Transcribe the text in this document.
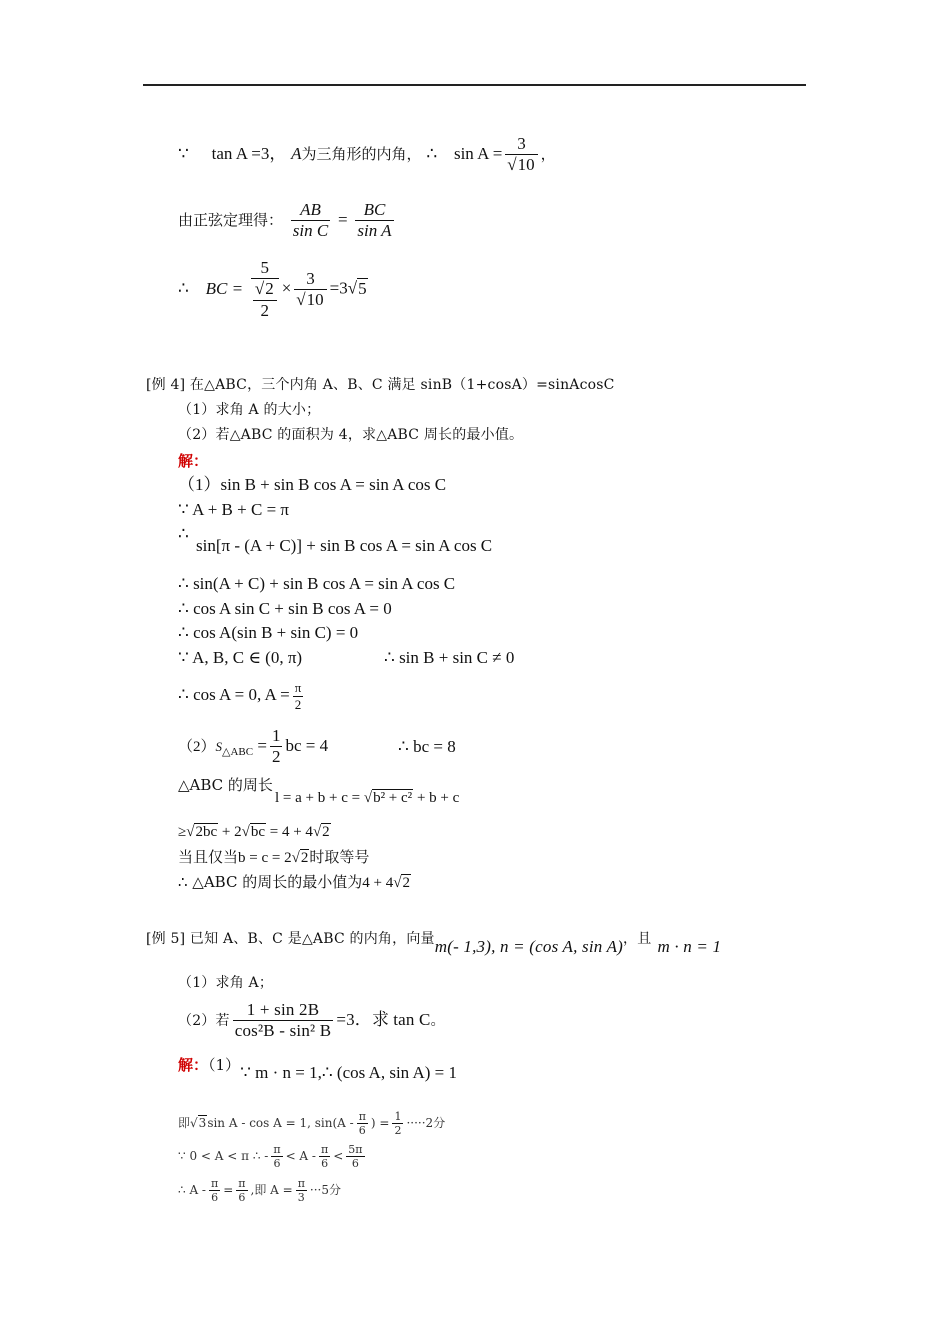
∵ tan A =3， A为三角形的内角， ∴ $\sin A = \frac{3}{√10}$ ，
由正弦定理得： $\frac{AB}{\text{sin C}} = \frac{BC}{\text{sin A}}$
∴ BC = $\frac{5}{\frac{√2}{2}} \times \frac{3}{√10} =3√5$
[例 4] 在△ABC，三个内角 A、B、C 满足 sinB（1+cosA）=sinAcosC
（1）求角 A 的大小；
（2）若△ABC 的面积为 4，求△ABC 周长的最小值。
解：
（1）sin B + sin B cos A = sin A cos C
∵ A + B + C = π
∴
sin[π - (A + C)] + sin B cos A = sin A cos C
∴ sin(A + C) + sin B cos A = sin A cos C
∴ cos A sin C + sin B cos A = 0
∴ cos A(sin B + sin C) = 0
∵ A, B, C ∈ (0, π)	∴ sin B + sin C ≠ 0
∴ cos A = 0, $A = \frac{\pi}{2}$
$(2)S_{\triangle ABC} = \frac{1}{2}$ bc = 4	∴ bc = 8
△ABC 的周长
l = a + b + c = √b² + c² + b + c
≥√2bc + 2√bc = 4 + 4√2
当且仅当b = c = 2√2时取等号
∴ △ABC 的周长的最小值为4 + 4√2
[例 5] 已知 A、B、C 是△ABC 的内角，向量m(- 1,3), n = (cos A, sin A)，且 m · n = 1
（1）求角 A；
（2）若 $\frac{1 + \sin 2B}{\text{cos²B - sin² B}} =3$．求 tan C。
解：（1）∵ m · n = 1,∴ (cos A, sin A) = 1
即√3sin A - cos A = 1, $\sin(A - \frac{\pi}{6}$ ) = $\frac{1}{2} \cdot\cdot\cdot\cdot\cdot 2$分
∵ 0 < A < π ∴ - $\frac{\pi}{6} < A - \frac{\pi}{6} < \frac{5\pi}{6}$
∴ $A - \frac{\pi}{6} = \frac{\pi}{6}$ ,即 $A = \frac{\pi}{3} \cdot\cdot\cdot 5$分
